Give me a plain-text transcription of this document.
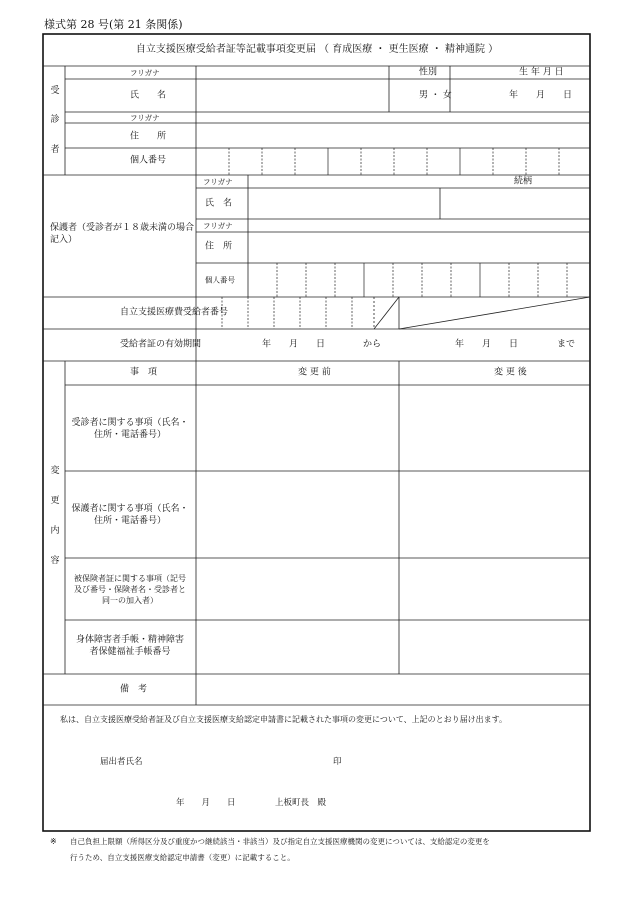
様式第 28 号(第 21 条関係)
自立支援医療受給者証等記載事項変更届 （ 育成医療 ・ 更生医療 ・ 精神通院 ）
受
診
者
フリガナ	性別	生 年 月 日
氏　　名	男 ・ 女	年　　月　　日
フリガナ
住　　所
個人番号
保護者（受診者が１８歳未満の場合記入）
フリガナ	続柄
氏　名
フリガナ
住　所
個人番号
自立支援医療費受給者番号
受給者証の有効期間	年　　月　　日	から	年　　月　　日	まで
変
更
内
容
事　項	変 更 前	変 更 後
受診者に関する事項（氏名・住所・電話番号）
保護者に関する事項（氏名・住所・電話番号）
被保険者証に関する事項（記号及び番号・保険者名・受診者と同一の加入者）
身体障害者手帳・精神障害者保健福祉手帳番号
備　考
私は、自立支援医療受給者証及び自立支援医療支給認定申請書に記載された事項の変更について、上記のとおり届け出ます。
届出者氏名	印
年　　月　　日	上板町長　殿
※ 自己負担上限額（所得区分及び重度かつ継続該当・非該当）及び指定自立支援医療機関の変更については、支給認定の変更を
行うため、自立支援医療支給認定申請書（変更）に記載すること。
